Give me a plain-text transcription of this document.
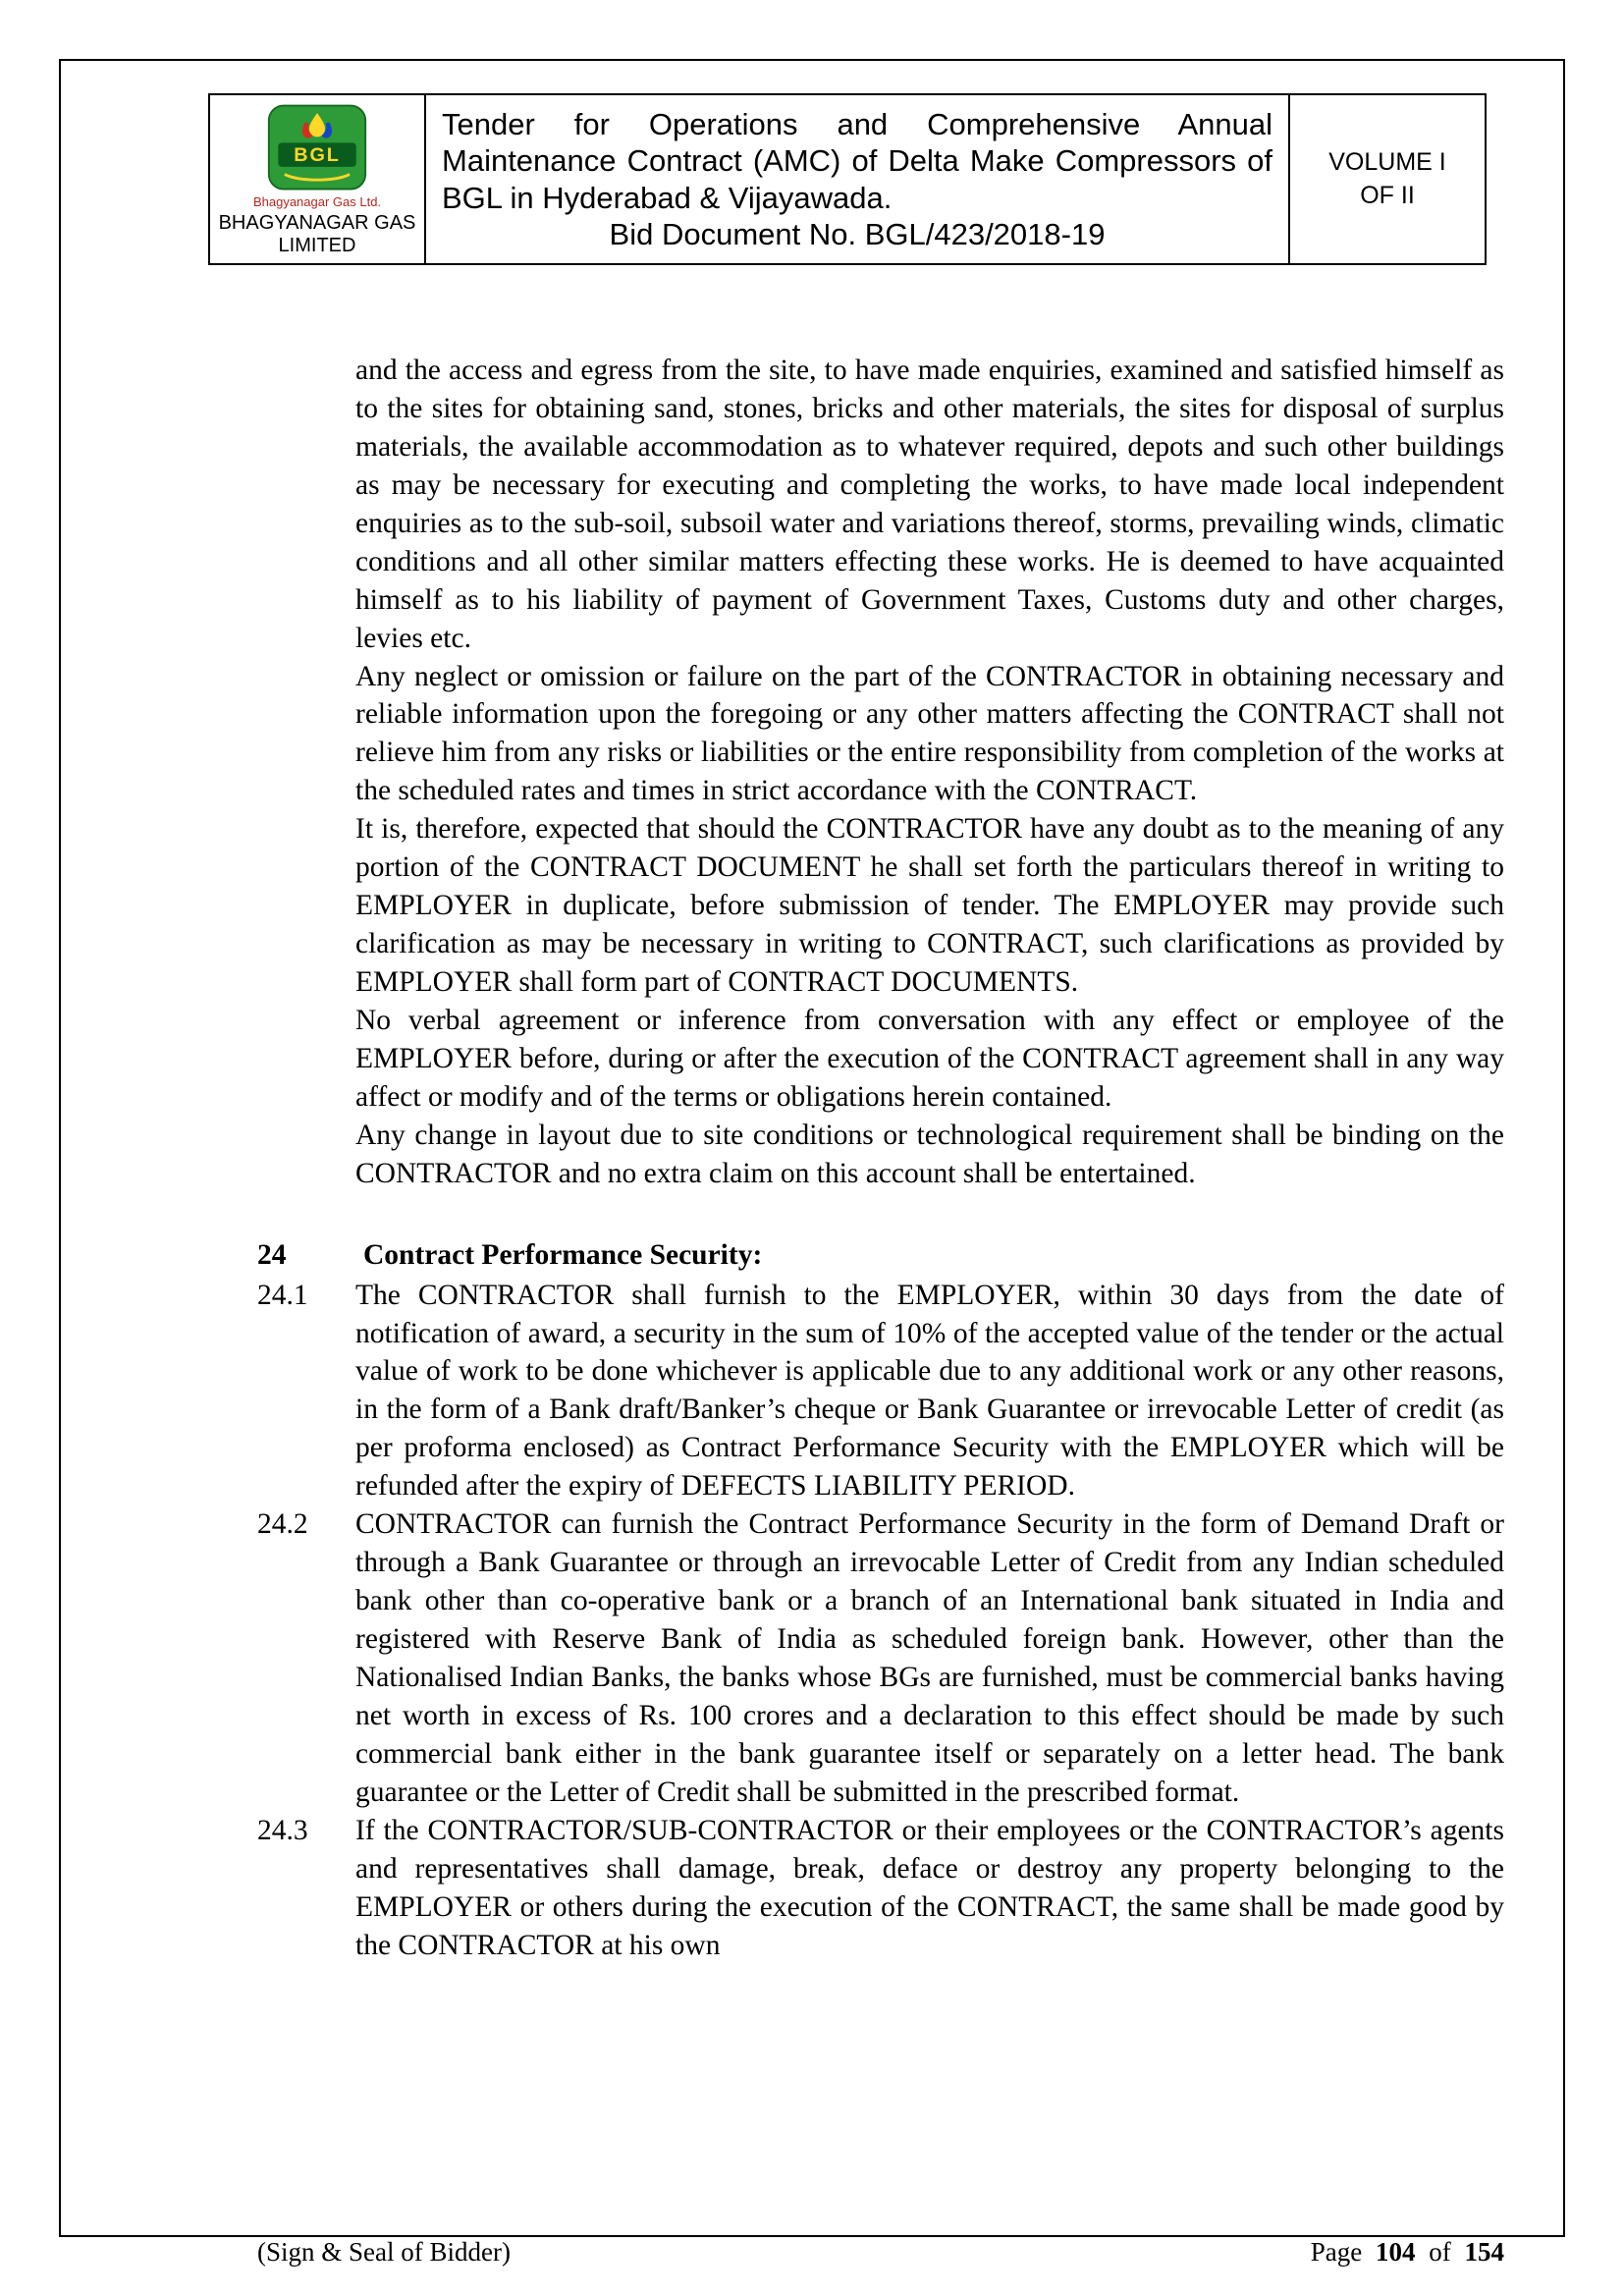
BGL
Bhagyanagar Gas Ltd.
BHAGYANAGAR GAS LIMITED

Tender for Operations and Comprehensive Annual Maintenance Contract (AMC) of Delta Make Compressors of BGL in Hyderabad & Vijayawada.
Bid Document No. BGL/423/2018-19

VOLUME I
OF II

and the access and egress from the site, to have made enquiries, examined and satisfied himself as to the sites for obtaining sand, stones, bricks and other materials, the sites for disposal of surplus materials, the available accommodation as to whatever required, depots and such other buildings as may be necessary for executing and completing the works, to have made local independent enquiries as to the sub-soil, subsoil water and variations thereof, storms, prevailing winds, climatic conditions and all other similar matters effecting these works. He is deemed to have acquainted himself as to his liability of payment of Government Taxes, Customs duty and other charges, levies etc.

Any neglect or omission or failure on the part of the CONTRACTOR in obtaining necessary and reliable information upon the foregoing or any other matters affecting the CONTRACT shall not relieve him from any risks or liabilities or the entire responsibility from completion of the works at the scheduled rates and times in strict accordance with the CONTRACT.

It is, therefore, expected that should the CONTRACTOR have any doubt as to the meaning of any portion of the CONTRACT DOCUMENT he shall set forth the particulars thereof in writing to EMPLOYER in duplicate, before submission of tender. The EMPLOYER may provide such clarification as may be necessary in writing to CONTRACT, such clarifications as provided by EMPLOYER shall form part of CONTRACT DOCUMENTS.

No verbal agreement or inference from conversation with any effect or employee of the EMPLOYER before, during or after the execution of the CONTRACT agreement shall in any way affect or modify and of the terms or obligations herein contained.

Any change in layout due to site conditions or technological requirement shall be binding on the CONTRACTOR and no extra claim on this account shall be entertained.

24	Contract Performance Security:
24.1	The CONTRACTOR shall furnish to the EMPLOYER, within 30 days from the date of notification of award, a security in the sum of 10% of the accepted value of the tender or the actual value of work to be done whichever is applicable due to any additional work or any other reasons, in the form of a Bank draft/Banker’s cheque or Bank Guarantee or irrevocable Letter of credit (as per proforma enclosed) as Contract Performance Security with the EMPLOYER which will be refunded after the expiry of DEFECTS LIABILITY PERIOD.
24.2	CONTRACTOR can furnish the Contract Performance Security in the form of Demand Draft or through a Bank Guarantee or through an irrevocable Letter of Credit from any Indian scheduled bank other than co-operative bank or a branch of an International bank situated in India and registered with Reserve Bank of India as scheduled foreign bank. However, other than the Nationalised Indian Banks, the banks whose BGs are furnished, must be commercial banks having net worth in excess of Rs. 100 crores and a declaration to this effect should be made by such commercial bank either in the bank guarantee itself or separately on a letter head. The bank guarantee or the Letter of Credit shall be submitted in the prescribed format.
24.3	If the CONTRACTOR/SUB-CONTRACTOR or their employees or the CONTRACTOR’s agents and representatives shall damage, break, deface or destroy any property belonging to the EMPLOYER or others during the execution of the CONTRACT, the same shall be made good by the CONTRACTOR at his own
(Sign & Seal of Bidder)	Page 104 of 154
